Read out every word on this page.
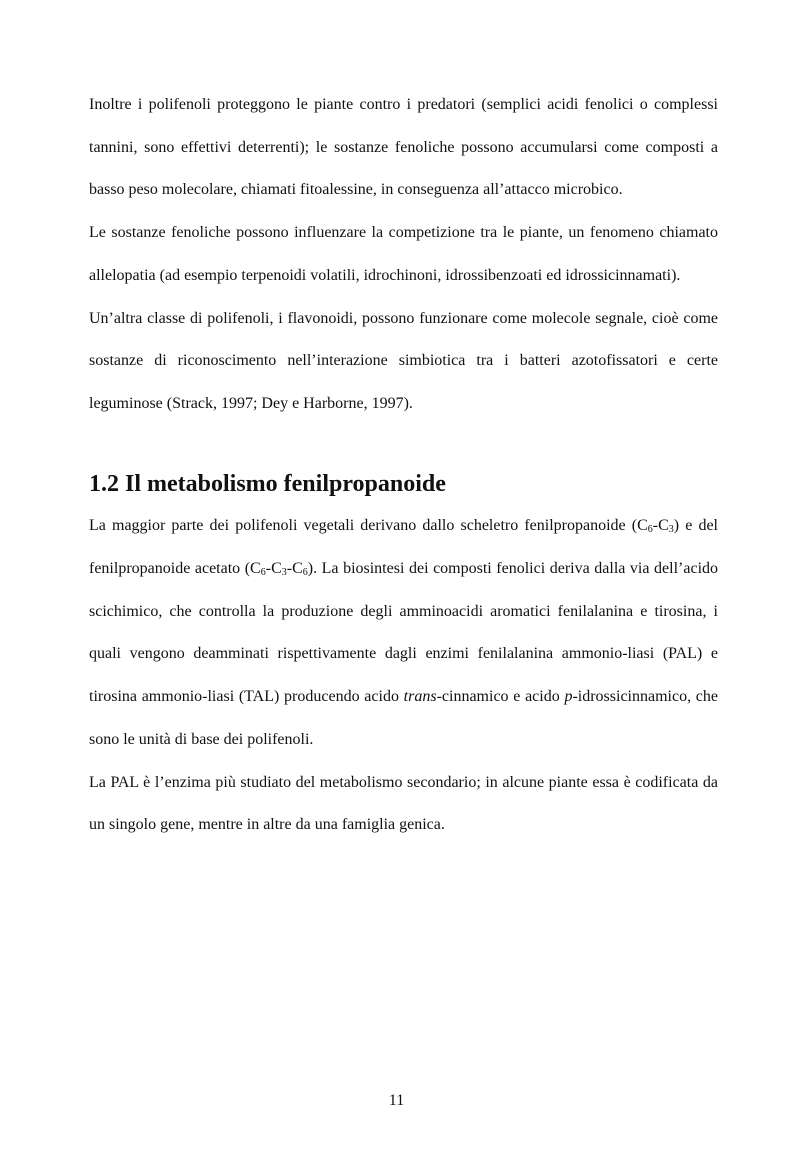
Inoltre i polifenoli proteggono le piante contro i predatori (semplici acidi fenolici o complessi tannini, sono effettivi deterrenti); le sostanze fenoliche possono accumularsi come composti a basso peso molecolare, chiamati fitoalessine, in conseguenza all’attacco microbico.

Le sostanze fenoliche possono influenzare la competizione tra le piante, un fenomeno chiamato allelopatia (ad esempio terpenoidi volatili, idrochinoni, idrossibenzoati ed idrossicinnamati).

Un’altra classe di polifenoli, i flavonoidi, possono funzionare come molecole segnale, cioè come sostanze di riconoscimento nell’interazione simbiotica tra i batteri azotofissatori e certe leguminose (Strack, 1997; Dey e Harborne, 1997).

1.2 Il metabolismo fenilpropanoide

La maggior parte dei polifenoli vegetali derivano dallo scheletro fenilpropanoide $(C_6-C_3)$ e del fenilpropanoide acetato $(C_6-C_3-C_6)$. La biosintesi dei composti fenolici deriva dalla via dell’acido scichimico, che controlla la produzione degli amminoacidi aromatici fenilalanina e tirosina, i quali vengono deamminati rispettivamente dagli enzimi fenilalanina ammonio-liasi (PAL) e tirosina ammonio-liasi (TAL) producendo acido trans-cinnamico e acido p-idrossicinnamico, che sono le unità di base dei polifenoli.

La PAL è l’enzima più studiato del metabolismo secondario; in alcune piante essa è codificata da un singolo gene, mentre in altre da una famiglia genica.

11
